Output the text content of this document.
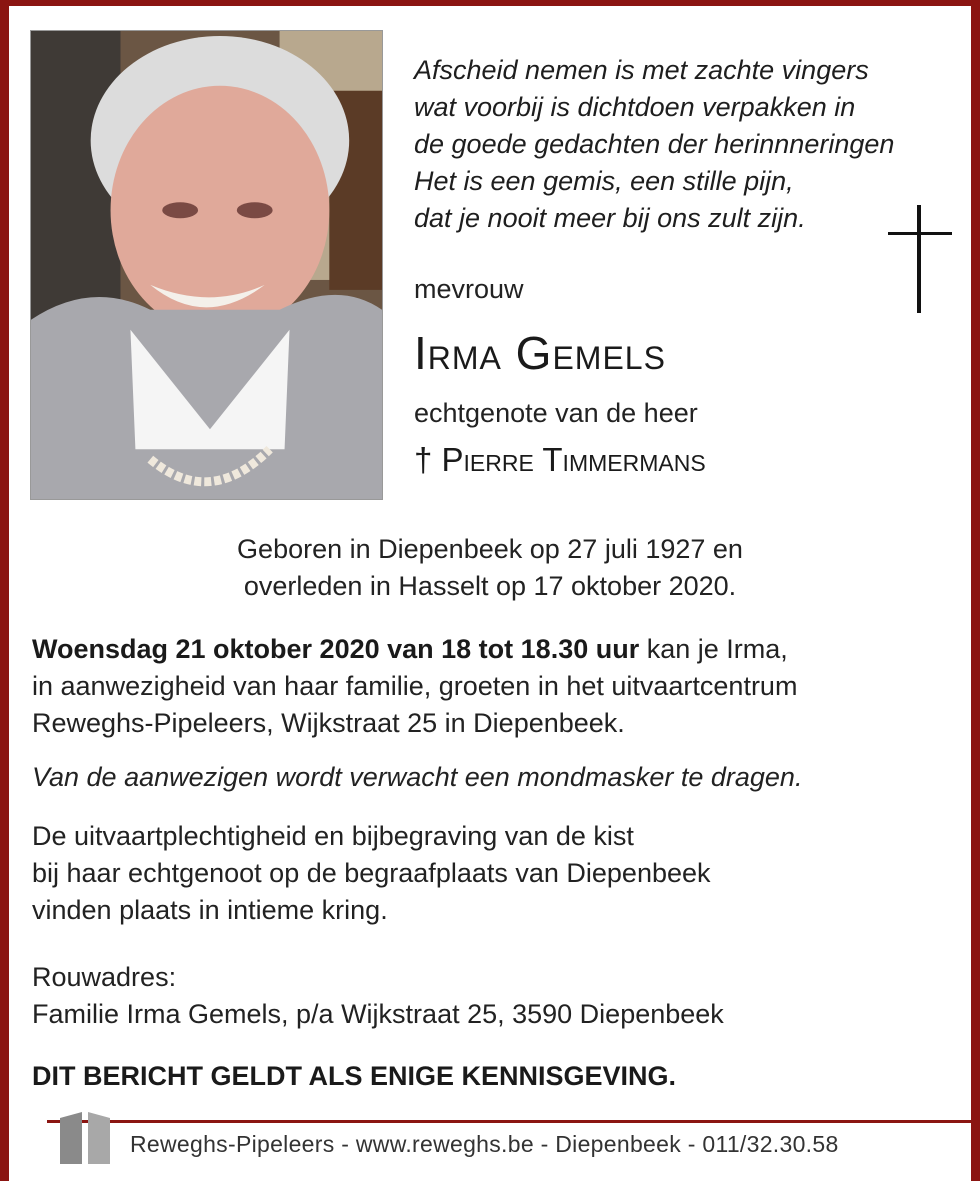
Afscheid nemen is met zachte vingers
wat voorbij is dichtdoen verpakken in
de goede gedachten der herinnneringen
Het is een gemis, een stille pijn,
dat je nooit meer bij ons zult zijn.
mevrouw
Irma Gemels
echtgenote van de heer
† Pierre Timmermans
Geboren in Diepenbeek op 27 juli 1927 en
overleden in Hasselt op 17 oktober 2020.
Woensdag 21 oktober 2020 van 18 tot 18.30 uur kan je Irma,
in aanwezigheid van haar familie, groeten in het uitvaartcentrum
Reweghs-Pipeleers, Wijkstraat 25 in Diepenbeek.
Van de aanwezigen wordt verwacht een mondmasker te dragen.
De uitvaartplechtigheid en bijbegraving van de kist
bij haar echtgenoot op de begraafplaats van Diepenbeek
vinden plaats in intieme kring.
Rouwadres:
Familie Irma Gemels, p/a Wijkstraat 25, 3590 Diepenbeek
DIT BERICHT GELDT ALS ENIGE KENNISGEVING.
Reweghs-Pipeleers - www.reweghs.be - Diepenbeek - 011/32.30.58
